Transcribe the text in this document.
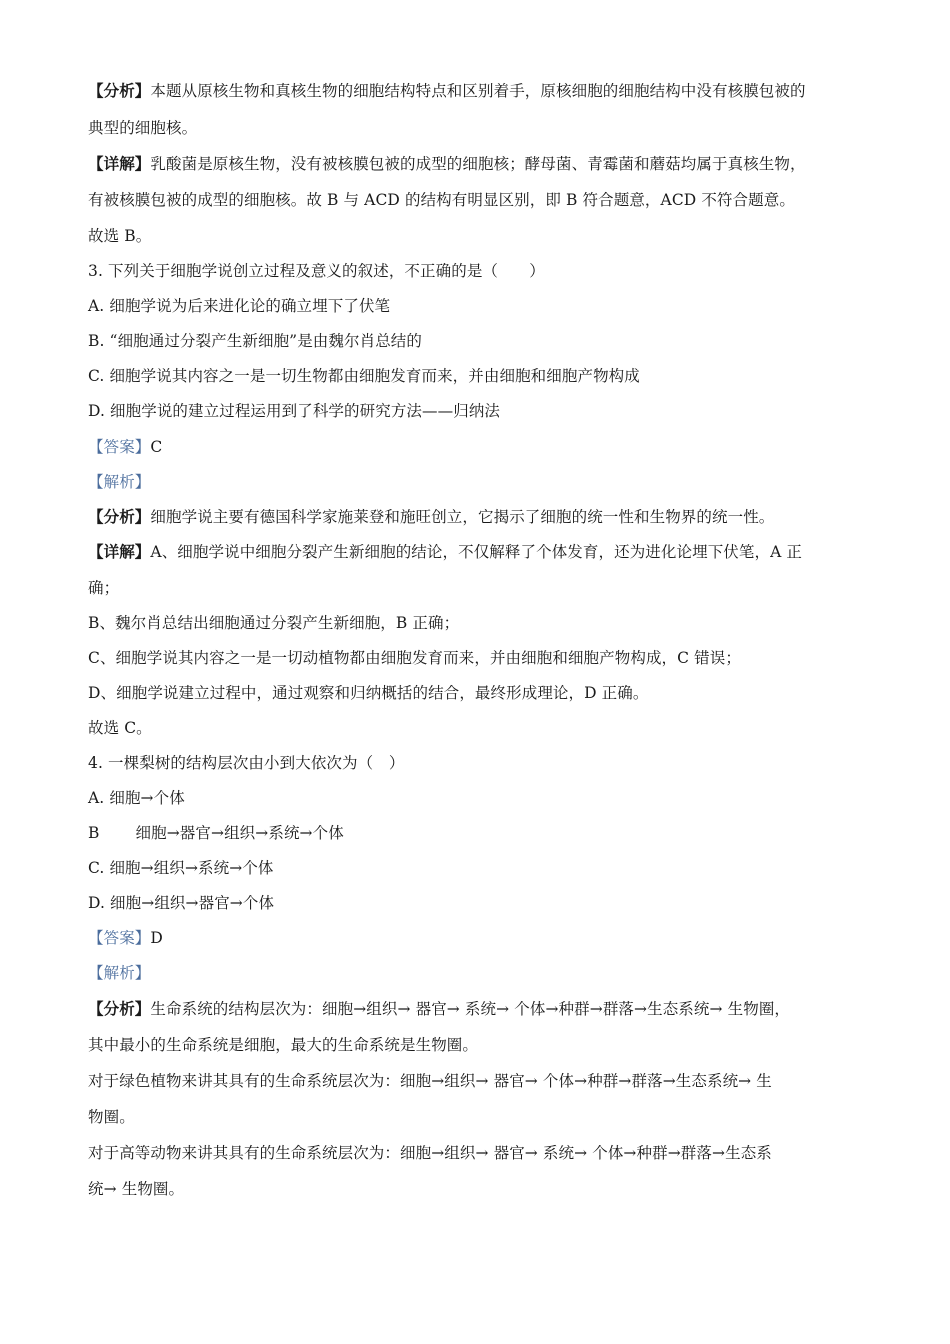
【分析】本题从原核生物和真核生物的细胞结构特点和区别着手，原核细胞的细胞结构中没有核膜包被的
典型的细胞核。
【详解】乳酸菌是原核生物，没有被核膜包被的成型的细胞核；酵母菌、青霉菌和蘑菇均属于真核生物，
有被核膜包被的成型的细胞核。故 B 与 ACD 的结构有明显区别，即 B 符合题意，ACD 不符合题意。
故选 B。
3. 下列关于细胞学说创立过程及意义的叙述，不正确的是（　　）
A. 细胞学说为后来进化论的确立埋下了伏笔
B. “细胞通过分裂产生新细胞”是由魏尔肖总结的
C. 细胞学说其内容之一是一切生物都由细胞发育而来，并由细胞和细胞产物构成
D. 细胞学说的建立过程运用到了科学的研究方法——归纳法
【答案】C
【解析】
【分析】细胞学说主要有德国科学家施莱登和施旺创立，它揭示了细胞的统一性和生物界的统一性。
【详解】A、细胞学说中细胞分裂产生新细胞的结论，不仅解释了个体发育，还为进化论埋下伏笔，A 正
确；
B、魏尔肖总结出细胞通过分裂产生新细胞，B 正确；
C、细胞学说其内容之一是一切动植物都由细胞发育而来，并由细胞和细胞产物构成，C 错误；
D、细胞学说建立过程中，通过观察和归纳概括的结合，最终形成理论，D 正确。
故选 C。
4. 一棵梨树的结构层次由小到大依次为（　）
A. 细胞→个体
B 细胞→器官→组织→系统→个体
C. 细胞→组织→系统→个体
D. 细胞→组织→器官→个体
【答案】D
【解析】
【分析】生命系统的结构层次为：细胞→组织→ 器官→ 系统→ 个体→种群→群落→生态系统→ 生物圈，
其中最小的生命系统是细胞，最大的生命系统是生物圈。
对于绿色植物来讲其具有的生命系统层次为：细胞→组织→ 器官→ 个体→种群→群落→生态系统→ 生
物圈。
对于高等动物来讲其具有的生命系统层次为：细胞→组织→ 器官→ 系统→ 个体→种群→群落→生态系
统→ 生物圈。
